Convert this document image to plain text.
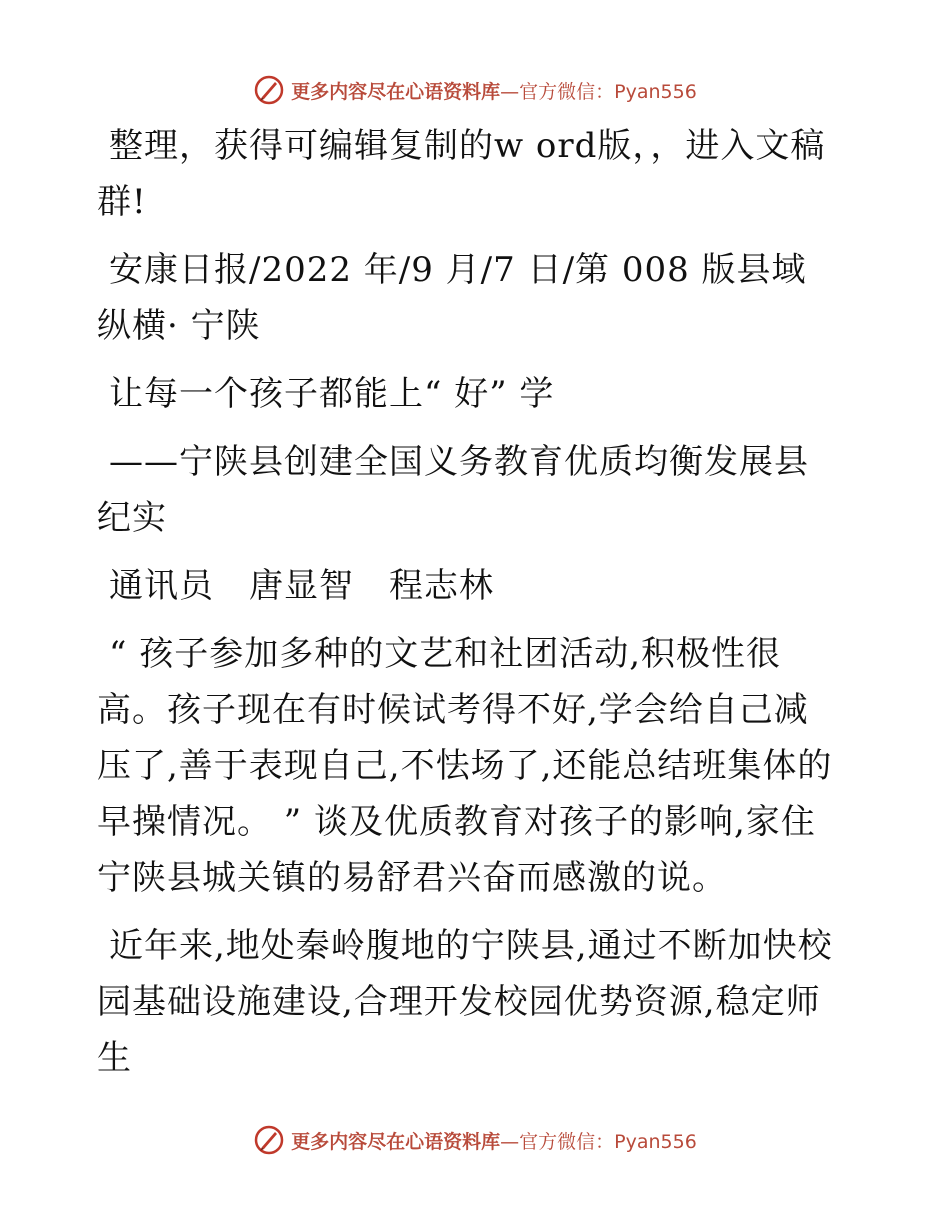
更多内容尽在心语资料库 —官方微信：Pyan556

整理，获得可编辑复制的w ord版，，进入文稿群!

安康日报/2022 年/9 月/7 日/第 008 版县域纵横· 宁陕

让每一个孩子都能上“ 好” 学

——宁陕县创建全国义务教育优质均衡发展县纪实

通讯员　唐显智　程志林

“ 孩子参加多种的文艺和社团活动,积极性很高。孩子现在有时候试考得不好,学会给自己减压了,善于表现自己,不怯场了,还能总结班集体的早操情况。 ” 谈及优质教育对孩子的影响,家住宁陕县城关镇的易舒君兴奋而感激的说。

近年来,地处秦岭腹地的宁陕县,通过不断加快校园基础设施建设,合理开发校园优势资源,稳定师生

更多内容尽在心语资料库 —官方微信：Pyan556
